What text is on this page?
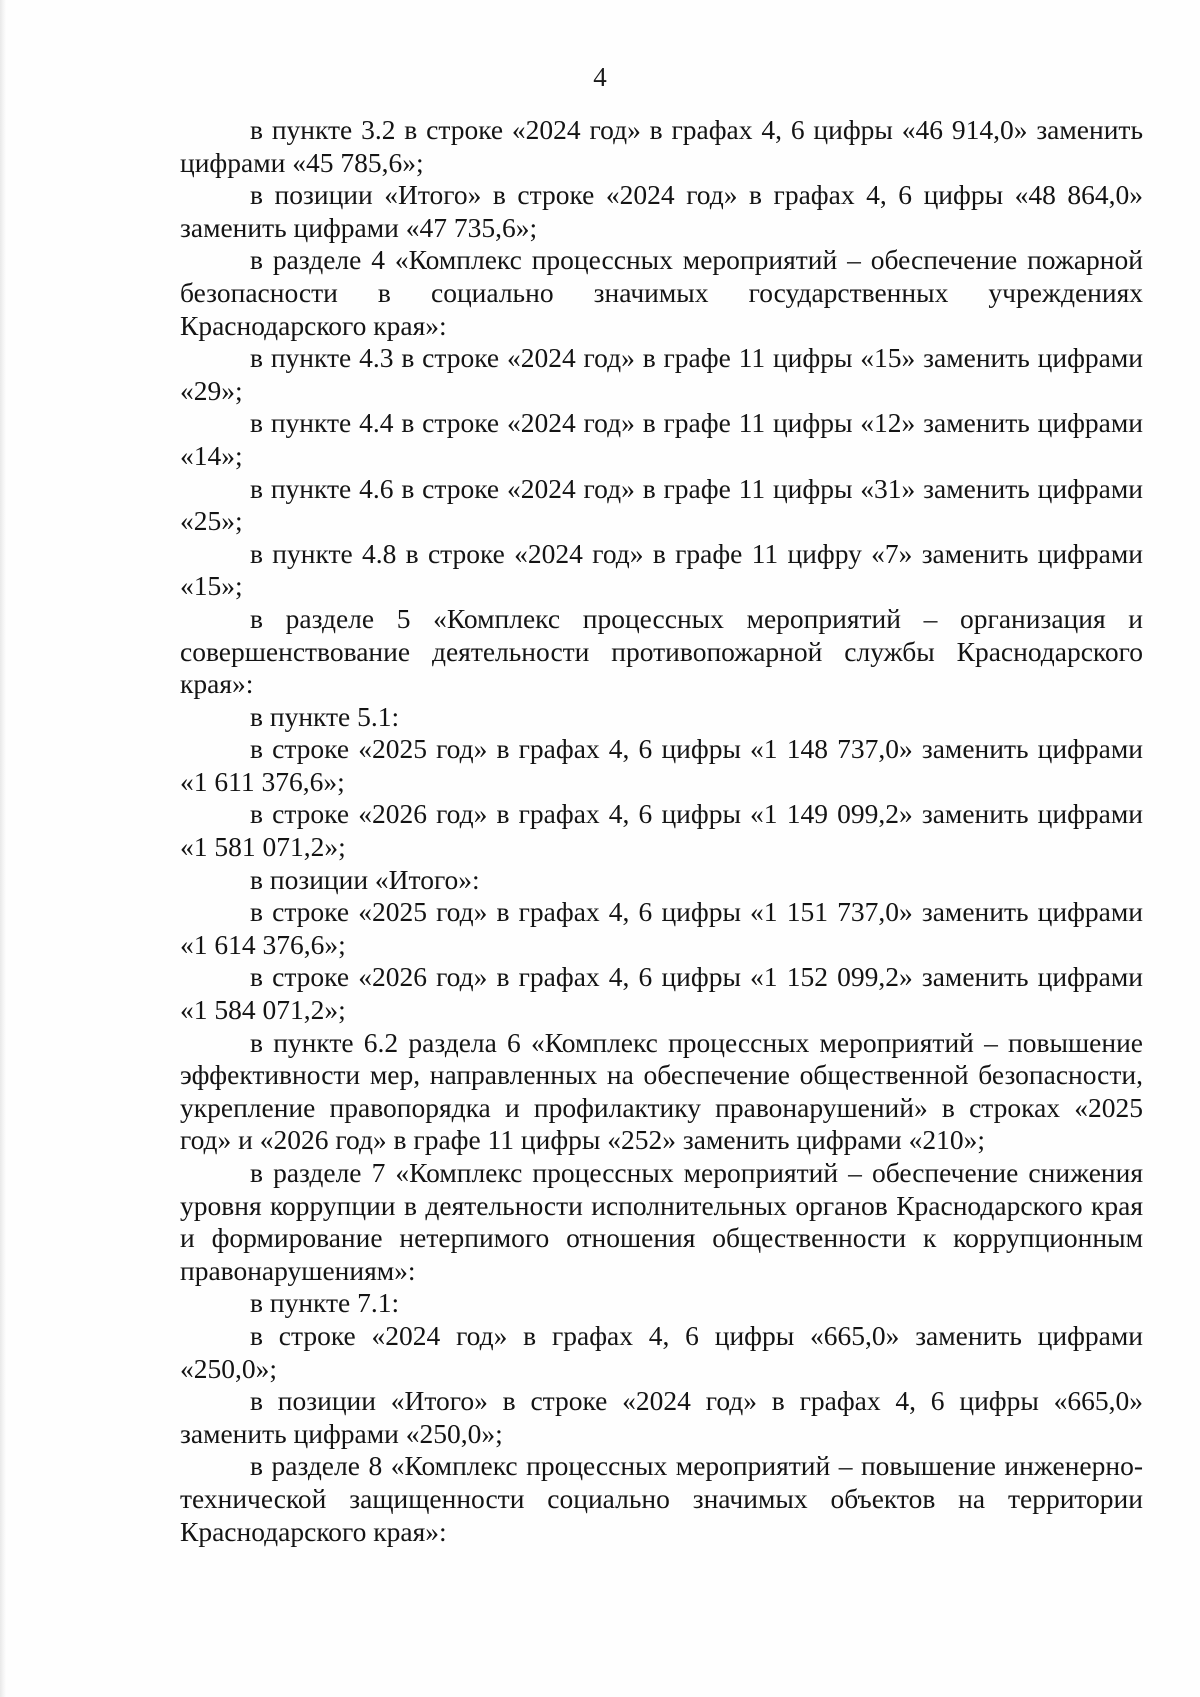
4

в пункте 3.2 в строке «2024 год» в графах 4, 6 цифры «46 914,0» заменить цифрами «45 785,6»;

в позиции «Итого» в строке «2024 год» в графах 4, 6 цифры «48 864,0» заменить цифрами «47 735,6»;

в разделе 4 «Комплекс процессных мероприятий – обеспечение пожарной безопасности в социально значимых государственных учреждениях Краснодарского края»:

в пункте 4.3 в строке «2024 год» в графе 11 цифры «15» заменить цифрами «29»;

в пункте 4.4 в строке «2024 год» в графе 11 цифры «12» заменить цифрами «14»;

в пункте 4.6 в строке «2024 год» в графе 11 цифры «31» заменить цифрами «25»;

в пункте 4.8 в строке «2024 год» в графе 11 цифру «7» заменить цифрами «15»;

в разделе 5 «Комплекс процессных мероприятий – организация и совершенствование деятельности противопожарной службы Краснодарского края»:

в пункте 5.1:

в строке «2025 год» в графах 4, 6 цифры «1 148 737,0» заменить цифрами «1 611 376,6»;

в строке «2026 год» в графах 4, 6 цифры «1 149 099,2» заменить цифрами «1 581 071,2»;

в позиции «Итого»:

в строке «2025 год» в графах 4, 6 цифры «1 151 737,0» заменить цифрами «1 614 376,6»;

в строке «2026 год» в графах 4, 6 цифры «1 152 099,2» заменить цифрами «1 584 071,2»;

в пункте 6.2 раздела 6 «Комплекс процессных мероприятий – повышение эффективности мер, направленных на обеспечение общественной безопасности, укрепление правопорядка и профилактику правонарушений» в строках «2025 год» и «2026 год» в графе 11 цифры «252» заменить цифрами «210»;

в разделе 7 «Комплекс процессных мероприятий – обеспечение снижения уровня коррупции в деятельности исполнительных органов Краснодарского края и формирование нетерпимого отношения общественности к коррупционным правонарушениям»:

в пункте 7.1:

в строке «2024 год» в графах 4, 6 цифры «665,0» заменить цифрами «250,0»;

в позиции «Итого» в строке «2024 год» в графах 4, 6 цифры «665,0» заменить цифрами «250,0»;

в разделе 8 «Комплекс процессных мероприятий – повышение инженерно-технической защищенности социально значимых объектов на территории Краснодарского края»:
